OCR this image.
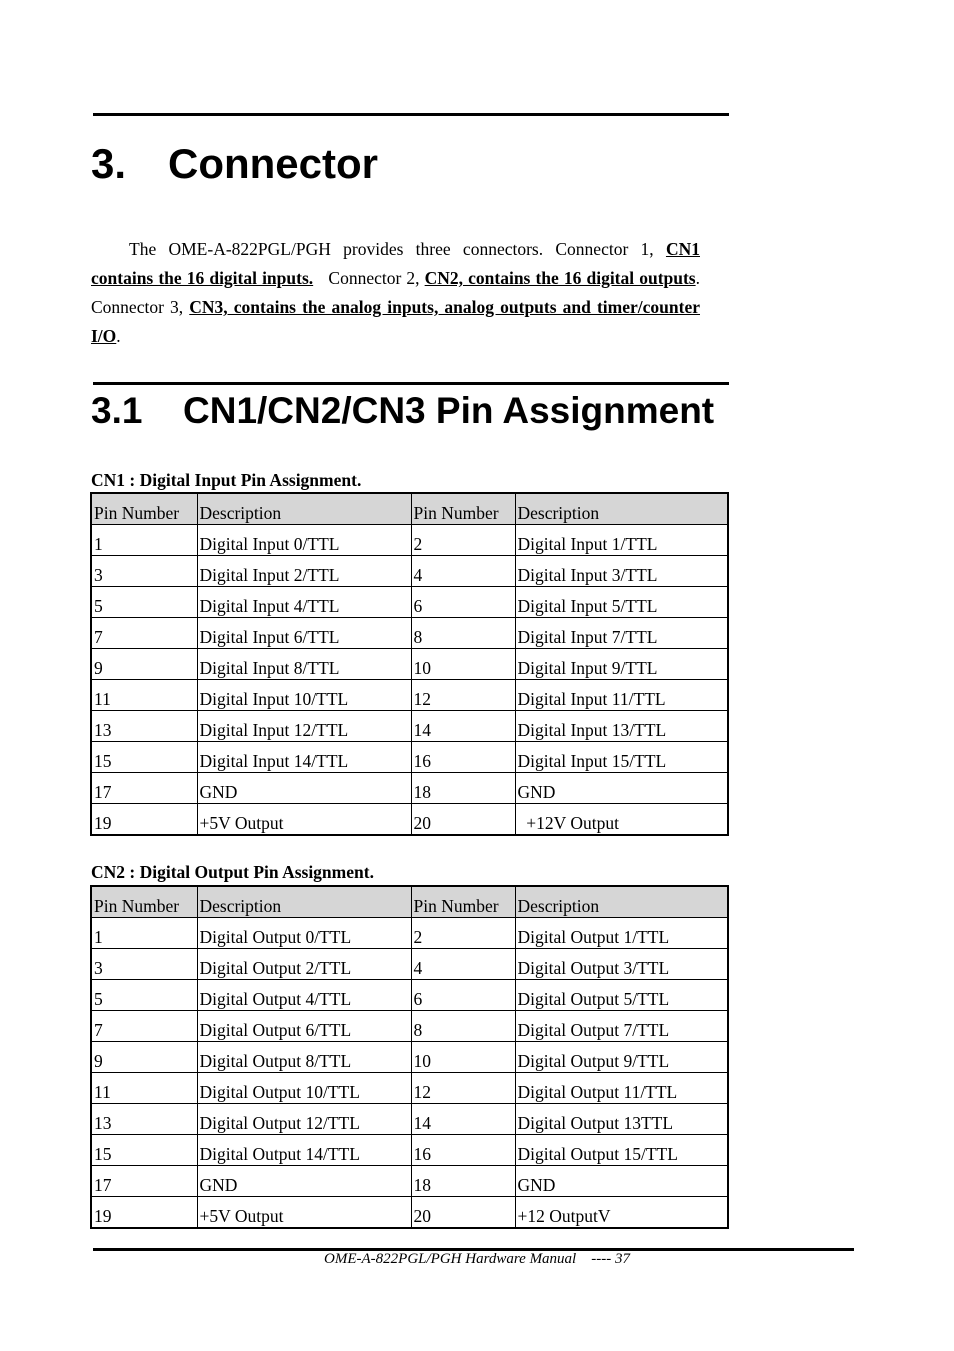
3. Connector
The OME-A-822PGL/PGH provides three connectors. Connector 1, CN1 contains the 16 digital inputs.   Connector 2, CN2, contains the 16 digital outputs. Connector 3, CN3, contains the analog inputs, analog outputs and timer/counter I/O.
3.1 CN1/CN2/CN3 Pin Assignment
CN1 : Digital Input Pin Assignment.
Pin Number	Description	Pin Number	Description
1	Digital Input 0/TTL	2	Digital Input 1/TTL
3	Digital Input 2/TTL	4	Digital Input 3/TTL
5	Digital Input 4/TTL	6	Digital Input 5/TTL
7	Digital Input 6/TTL	8	Digital Input 7/TTL
9	Digital Input 8/TTL	10	Digital Input 9/TTL
11	Digital Input 10/TTL	12	Digital Input 11/TTL
13	Digital Input 12/TTL	14	Digital Input 13/TTL
15	Digital Input 14/TTL	16	Digital Input 15/TTL
17	GND	18	GND
19	+5V Output	20	+12V Output
CN2 : Digital Output Pin Assignment.
Pin Number	Description	Pin Number	Description
1	Digital Output 0/TTL	2	Digital Output 1/TTL
3	Digital Output 2/TTL	4	Digital Output 3/TTL
5	Digital Output 4/TTL	6	Digital Output 5/TTL
7	Digital Output 6/TTL	8	Digital Output 7/TTL
9	Digital Output 8/TTL	10	Digital Output 9/TTL
11	Digital Output 10/TTL	12	Digital Output 11/TTL
13	Digital Output 12/TTL	14	Digital Output 13TTL
15	Digital Output 14/TTL	16	Digital Output 15/TTL
17	GND	18	GND
19	+5V Output	20	+12 OutputV
OME-A-822PGL/PGH Hardware Manual    ---- 37
